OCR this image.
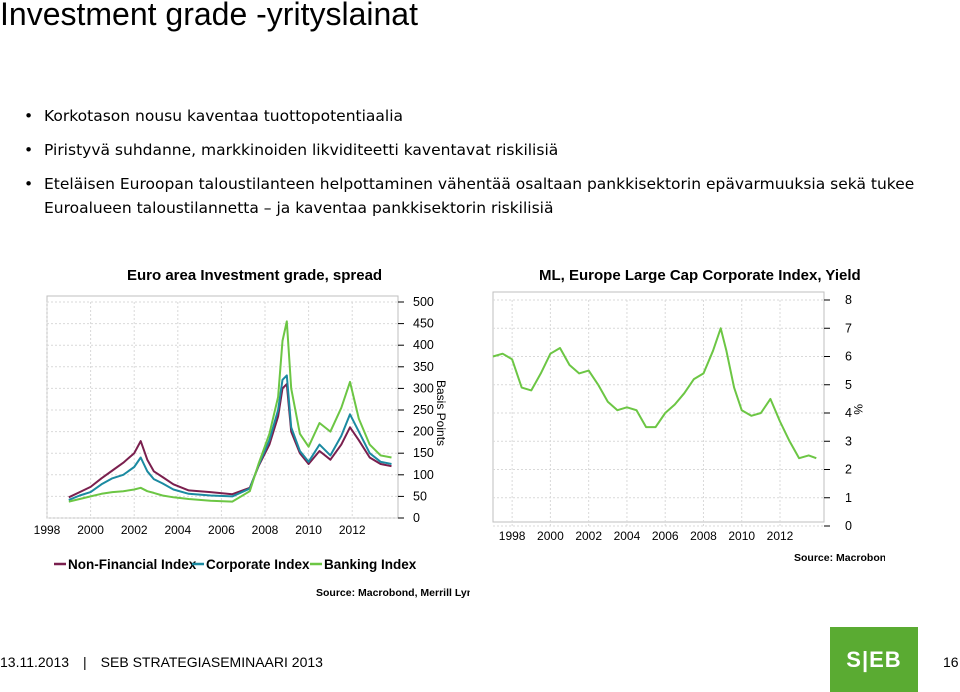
Investment grade -yrityslainat
• Korkotason nousu kaventaa tuottopotentiaalia
• Piristyvä suhdanne, markkinoiden likviditeetti kaventavat riskilisiä
• Eteläisen Euroopan taloustilanteen helpottaminen vähentää osaltaan pankkisektorin epävarmuuksia sekä tukee Euroalueen taloustilannetta – ja kaventaa pankkisektorin riskilisiä
Euro area Investment grade, spread
500
450
400
350
300
250
200
150
100
50
0
1998 2000 2002 2004 2006 2008 2010 2012
Basis Points
Non-Financial Index Corporate Index Banking Index
Source: Macrobond, Merrill Lynch
ML, Europe Large Cap Corporate Index, Yield
8
7
6
5
4
3
2
1
0
1998 2000 2002 2004 2006 2008 2010 2012
%
Source: Macrobond
13.11.2013 | SEB STRATEGIASEMINAARI 2013	16
S|EB
